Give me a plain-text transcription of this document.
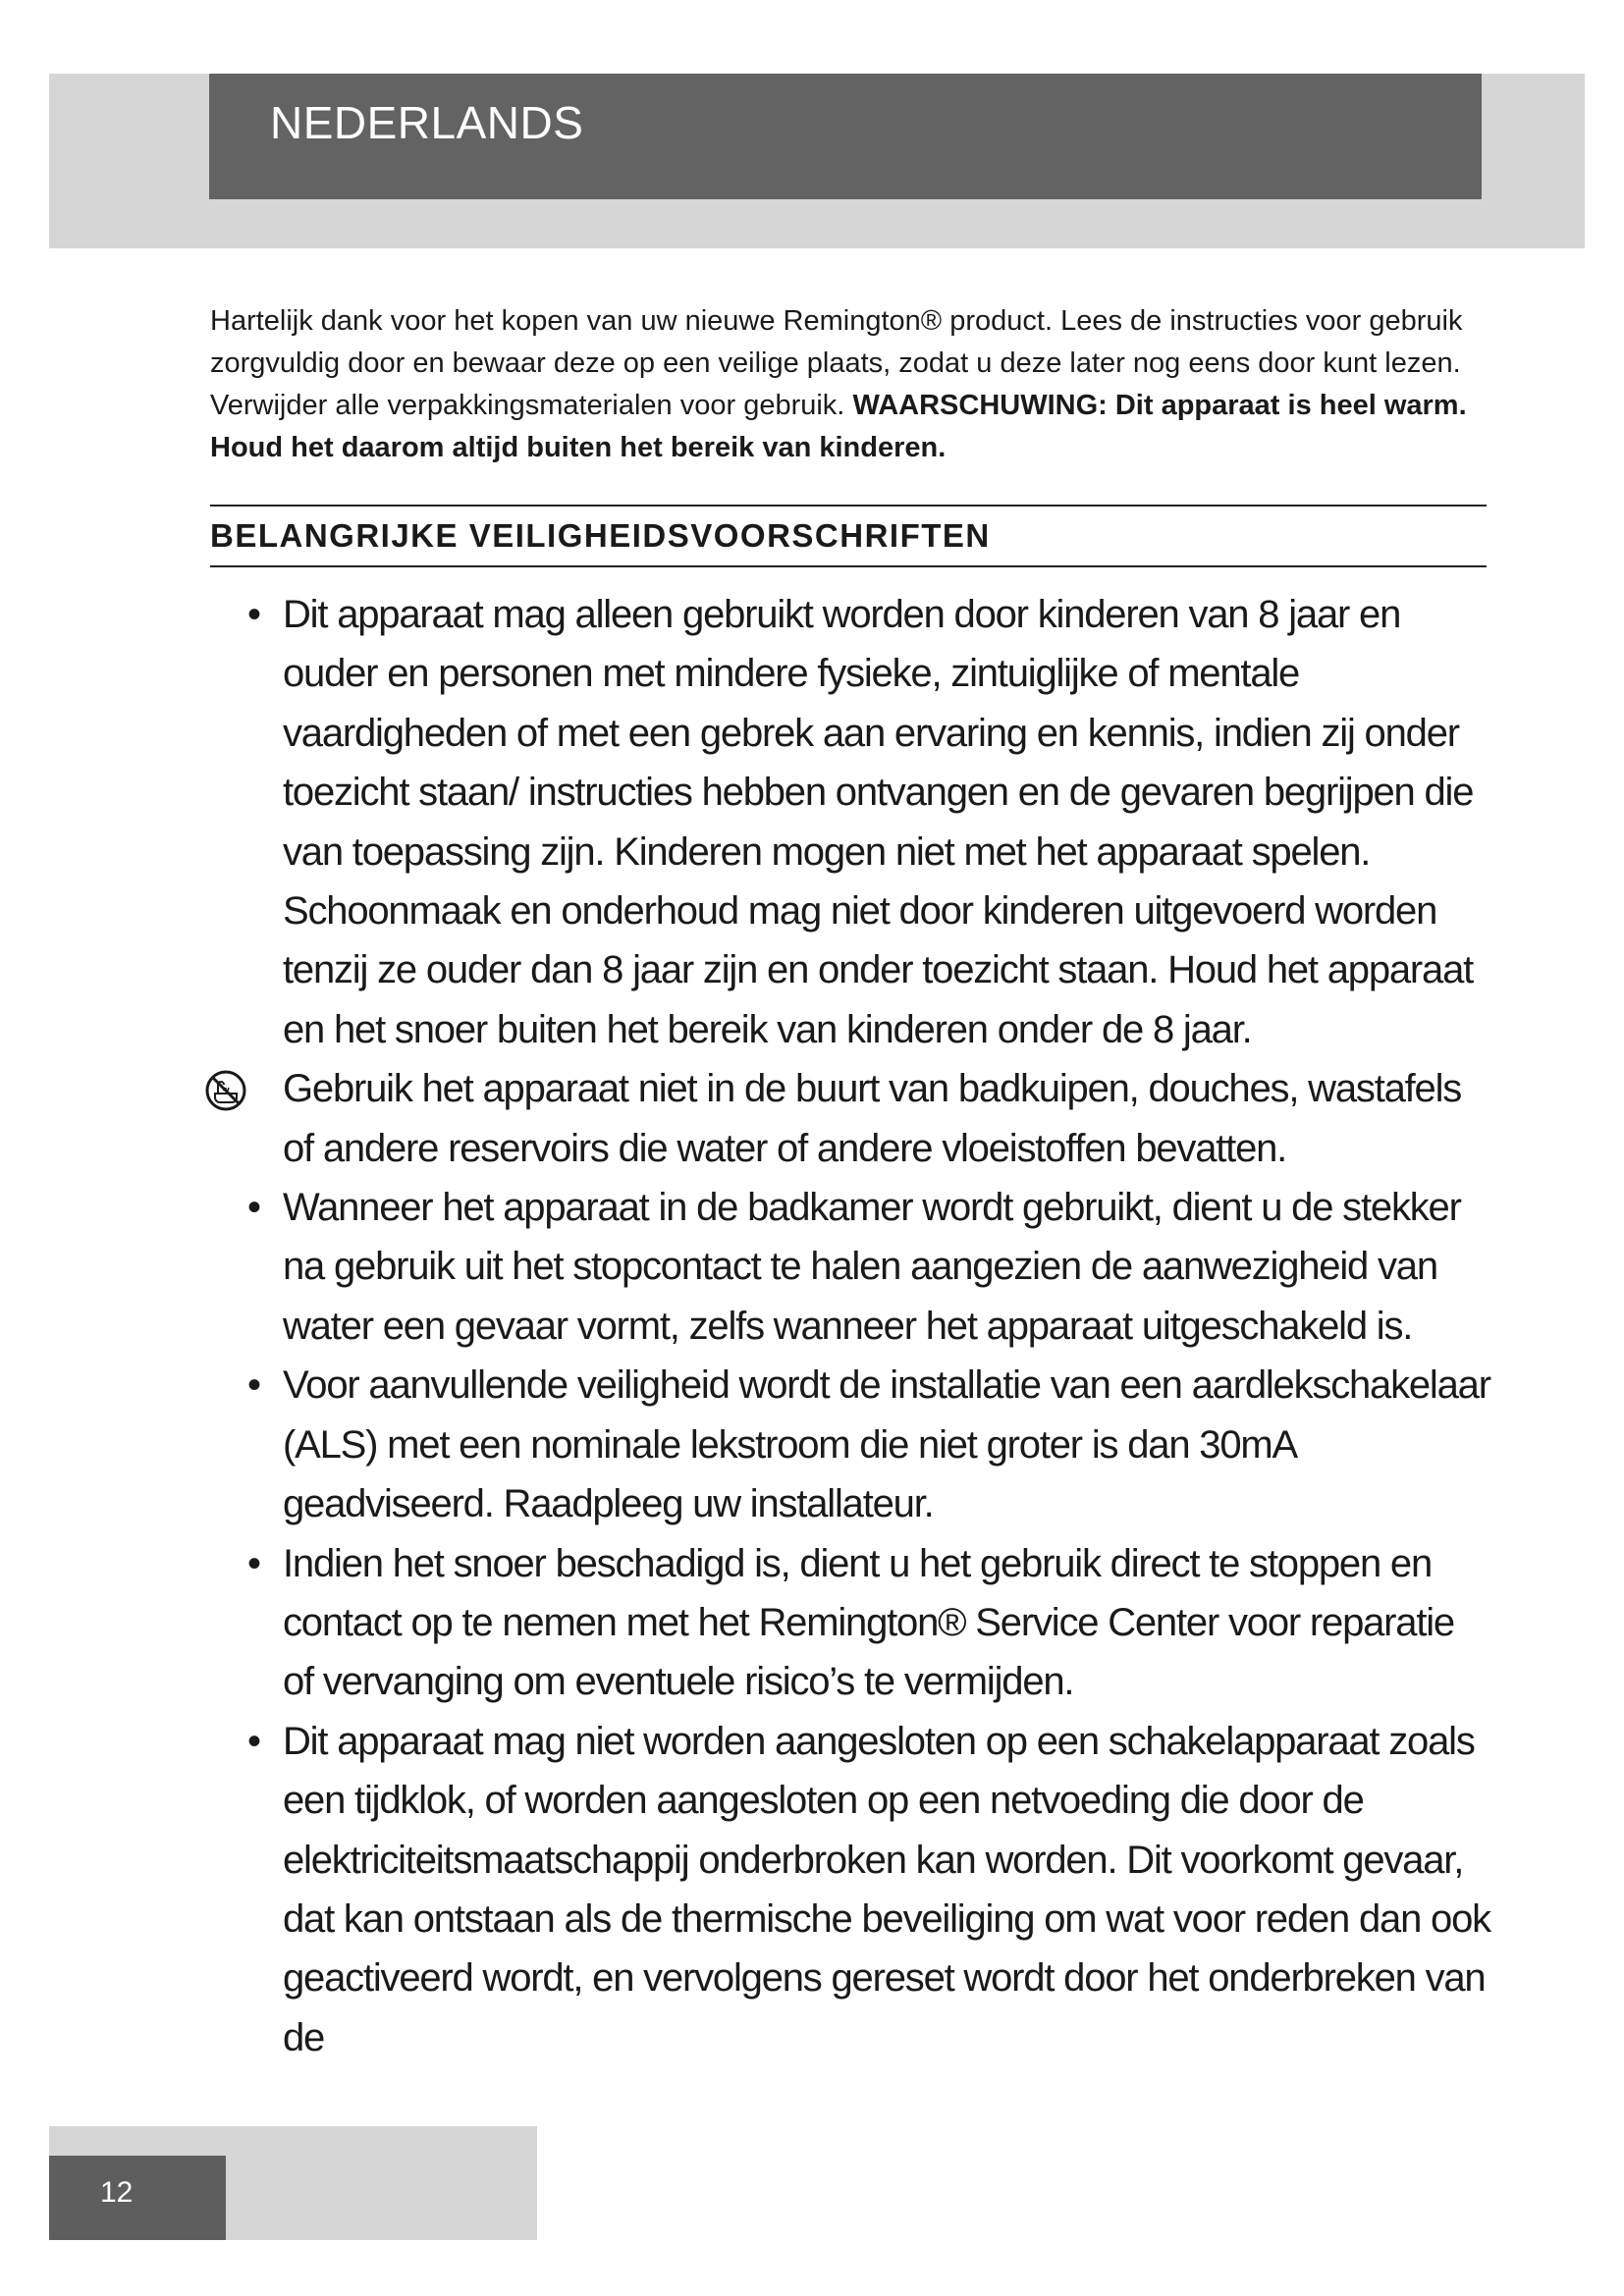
NEDERLANDS

Hartelijk dank voor het kopen van uw nieuwe Remington® product. Lees de instructies voor gebruik zorgvuldig door en bewaar deze op een veilige plaats, zodat u deze later nog eens door kunt lezen. Verwijder alle verpakkingsmaterialen voor gebruik. WAARSCHUWING: Dit apparaat is heel warm. Houd het daarom altijd buiten het bereik van kinderen.

BELANGRIJKE VEILIGHEIDSVOORSCHRIFTEN
• Dit apparaat mag alleen gebruikt worden door kinderen van 8 jaar en ouder en personen met mindere fysieke, zintuiglijke of mentale vaardigheden of met een gebrek aan ervaring en kennis, indien zij onder toezicht staan/ instructies hebben ontvangen en de gevaren begrijpen die van toepassing zijn. Kinderen mogen niet met het apparaat spelen. Schoonmaak en onderhoud mag niet door kinderen uitgevoerd worden tenzij ze ouder dan 8 jaar zijn en onder toezicht staan. Houd het apparaat en het snoer buiten het bereik van kinderen onder de 8 jaar.
Gebruik het apparaat niet in de buurt van badkuipen, douches, wastafels of andere reservoirs die water of andere vloeistoffen bevatten.
• Wanneer het apparaat in de badkamer wordt gebruikt, dient u de stekker na gebruik uit het stopcontact te halen aangezien de aanwezigheid van water een gevaar vormt, zelfs wanneer het apparaat uitgeschakeld is.
• Voor aanvullende veiligheid wordt de installatie van een aardlekschakelaar (ALS) met een nominale lekstroom die niet groter is dan 30mA geadviseerd. Raadpleeg uw installateur.
• Indien het snoer beschadigd is, dient u het gebruik direct te stoppen en contact op te nemen met het Remington® Service Center voor reparatie of vervanging om eventuele risico’s te vermijden.
• Dit apparaat mag niet worden aangesloten op een schakelapparaat zoals een tijdklok, of worden aangesloten op een netvoeding die door de elektriciteitsmaatschappij onderbroken kan worden. Dit voorkomt gevaar, dat kan ontstaan als de thermische beveiliging om wat voor reden dan ook geactiveerd wordt, en vervolgens gereset wordt door het onderbreken van de
12
